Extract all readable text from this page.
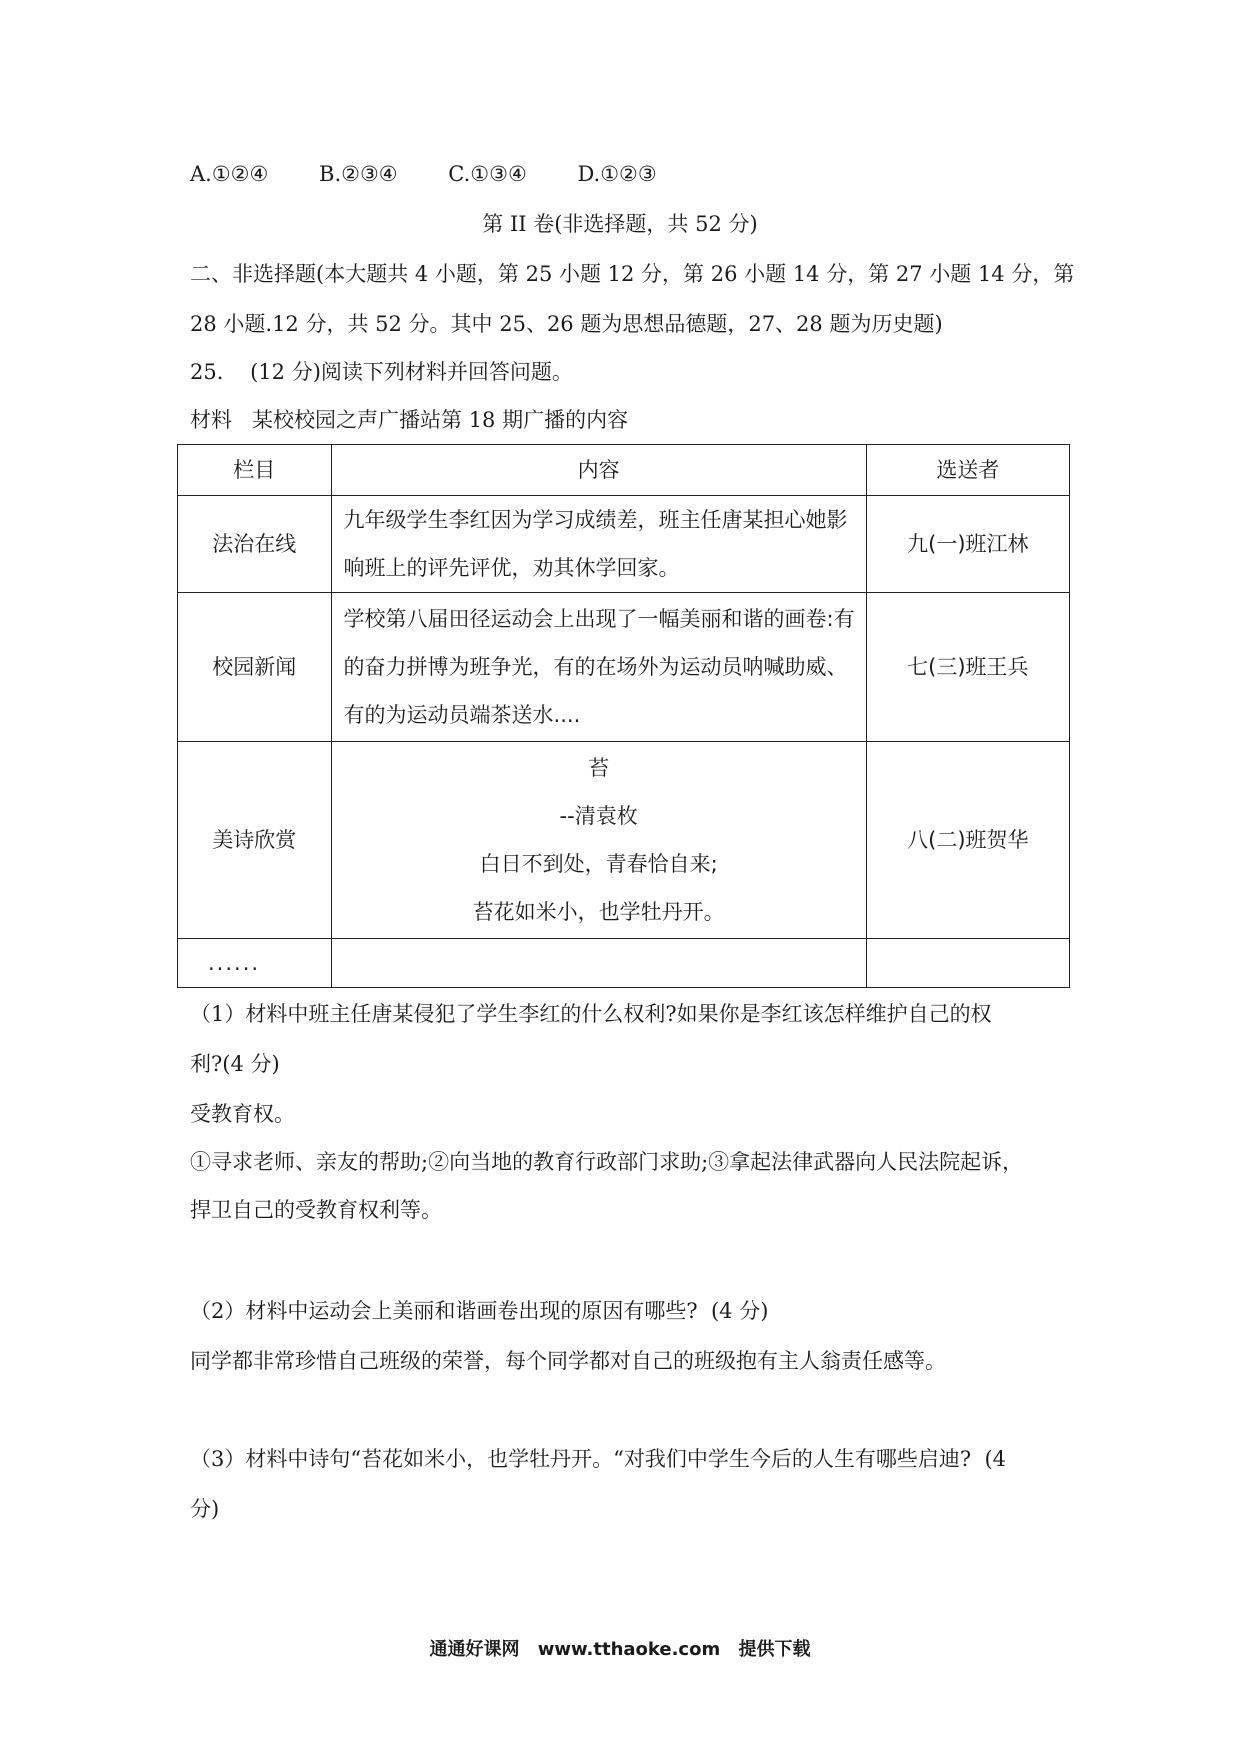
A.①②④ B.②③④ C.①③④ D.①②③
第 II 卷(非选择题，共 52 分)
二、非选择题(本大题共 4 小题，第 25 小题 12 分，第 26 小题 14 分，第 27 小题 14 分，第
28 小题.12 分，共 52 分。其中 25、26 题为思想品德题，27、28 题为历史题)
25.    (12 分)阅读下列材料并回答问题。
材料   某校校园之声广播站第 18 期广播的内容
栏目	内容	选送者
法治在线	九年级学生李红因为学习成绩差，班主任唐某担心她影响班上的评先评优，劝其休学回家。	九(一)班江林
校园新闻	学校第八届田径运动会上出现了一幅美丽和谐的画卷:有的奋力拼博为班争光，有的在场外为运动员呐喊助威、有的为运动员端茶送水....	七(三)班王兵
美诗欣赏	苔
--清袁枚
白日不到处，青春恰自来;
苔花如米小，也学牡丹开。	八(二)班贺华
......		
（1）材料中班主任唐某侵犯了学生李红的什么权利?如果你是李红该怎样维护自己的权
利?(4 分)
受教育权。
①寻求老师、亲友的帮助;②向当地的教育行政部门求助;③拿起法律武器向人民法院起诉，
捍卫自己的受教育权利等。
（2）材料中运动会上美丽和谐画卷出现的原因有哪些?  (4 分)
同学都非常珍惜自己班级的荣誉，每个同学都对自己的班级抱有主人翁责任感等。
（3）材料中诗句“苔花如米小，也学牡丹开。“对我们中学生今后的人生有哪些启迪?  (4
分)
通通好课网 www.tthaoke.com 提供下载
